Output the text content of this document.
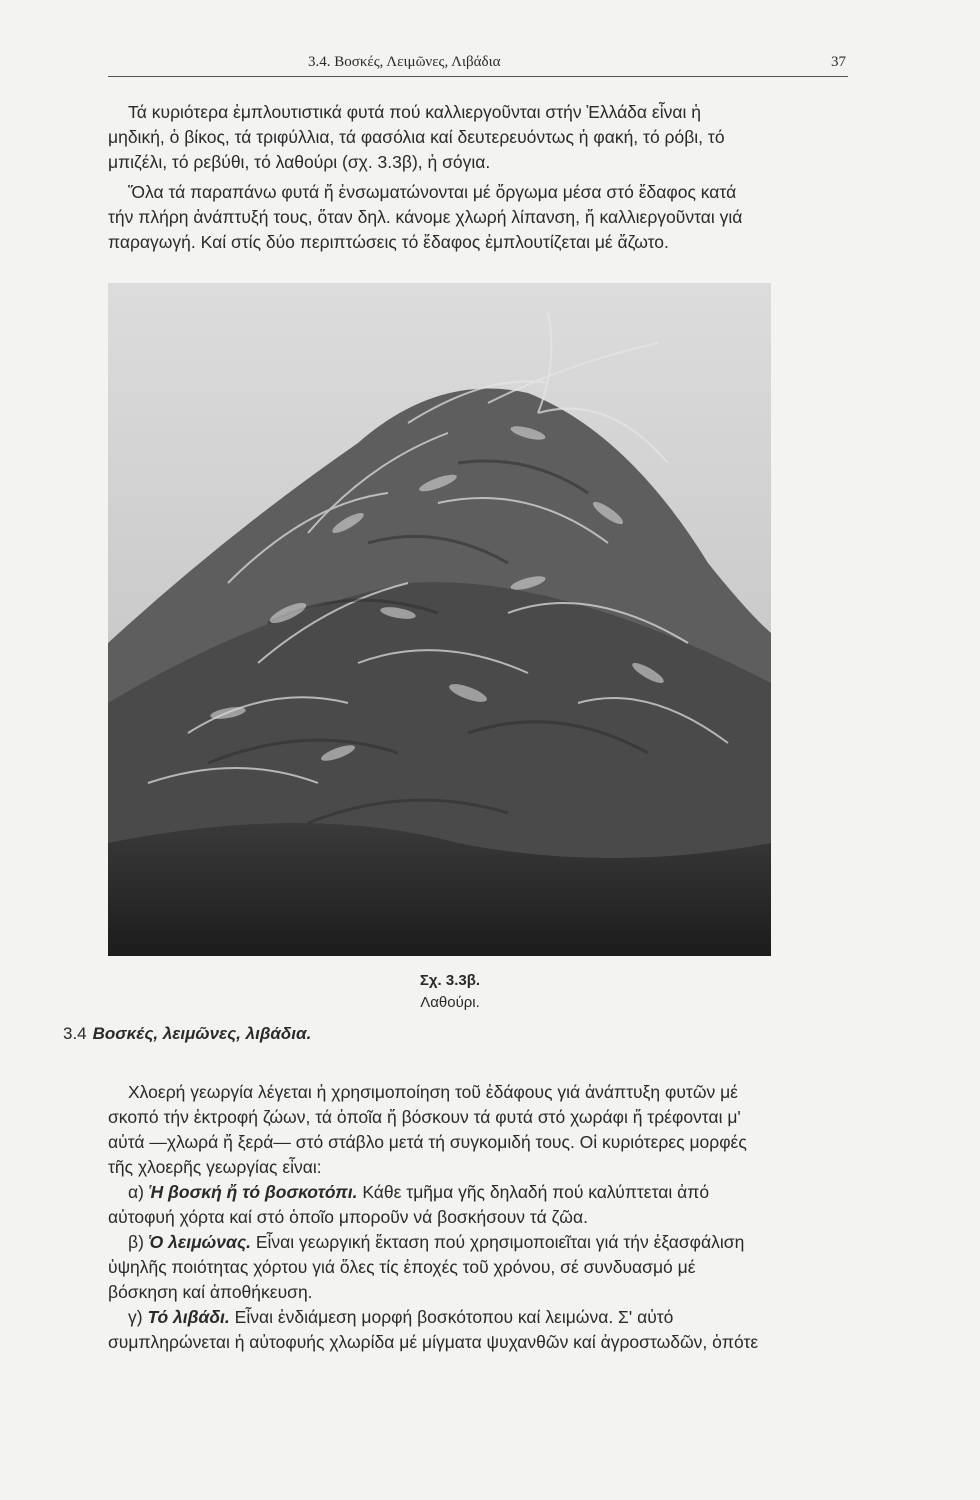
3.4. Βοσκές, Λειμῶνες, Λιβάδια	37

Τά κυριότερα ἐμπλουτιστικά φυτά πού καλλιεργοῦνται στήν Ἑλλάδα εἶναι ἡ
μηδική, ὁ βίκος, τά τριφύλλια, τά φασόλια καί δευτερευόντως ἡ φακή, τό ρόβι, τό
μπιζέλι, τό ρεβύθι, τό λαθούρι (σχ. 3.3β), ἡ σόγια.

Ὅλα τά παραπάνω φυτά ἤ ἐνσωματώνονται μέ ὄργωμα μέσα στό ἔδαφος κατά
τήν πλήρη ἀνάπτυξή τους, ὅταν δηλ. κάνομε χλωρή λίπανση, ἤ καλλιεργοῦνται γιά
παραγωγή. Καί στίς δύο περιπτώσεις τό ἔδαφος ἐμπλουτίζεται μέ ἄζωτο.

Σχ. 3.3β.
Λαθούρι.
3.4 Βοσκές, λειμῶνες, λιβάδια.

Χλοερή γεωργία λέγεται ἡ χρησιμοποίηση τοῦ ἐδάφους γιά ἀνάπτυξη φυτῶν μέ
σκοπό τήν ἐκτροφή ζώων, τά ὁποῖα ἤ βόσκουν τά φυτά στό χωράφι ἤ τρέφονται μ'
αὐτά —χλωρά ἤ ξερά— στό στάβλο μετά τή συγκομιδή τους. Οἱ κυριότερες μορφές
τῆς χλοερῆς γεωργίας εἶναι:
α) Ἡ βοσκή ἤ τό βοσκοτόπι. Κάθε τμῆμα γῆς δηλαδή πού καλύπτεται ἀπό
αὐτοφυή χόρτα καί στό ὁποῖο μποροῦν νά βοσκήσουν τά ζῶα.
β) Ὁ λειμώνας. Εἶναι γεωργική ἔκταση πού χρησιμοποιεῖται γιά τήν ἐξασφάλιση
ὑψηλῆς ποιότητας χόρτου γιά ὅλες τίς ἐποχές τοῦ χρόνου, σέ συνδυασμό μέ
βόσκηση καί ἀποθήκευση.
γ) Τό λιβάδι. Εἶναι ἐνδιάμεση μορφή βοσκότοπου καί λειμώνα. Σ' αὐτό
συμπληρώνεται ἡ αὐτοφυής χλωρίδα μέ μίγματα ψυχανθῶν καί ἀγροστωδῶν, ὁπότε
